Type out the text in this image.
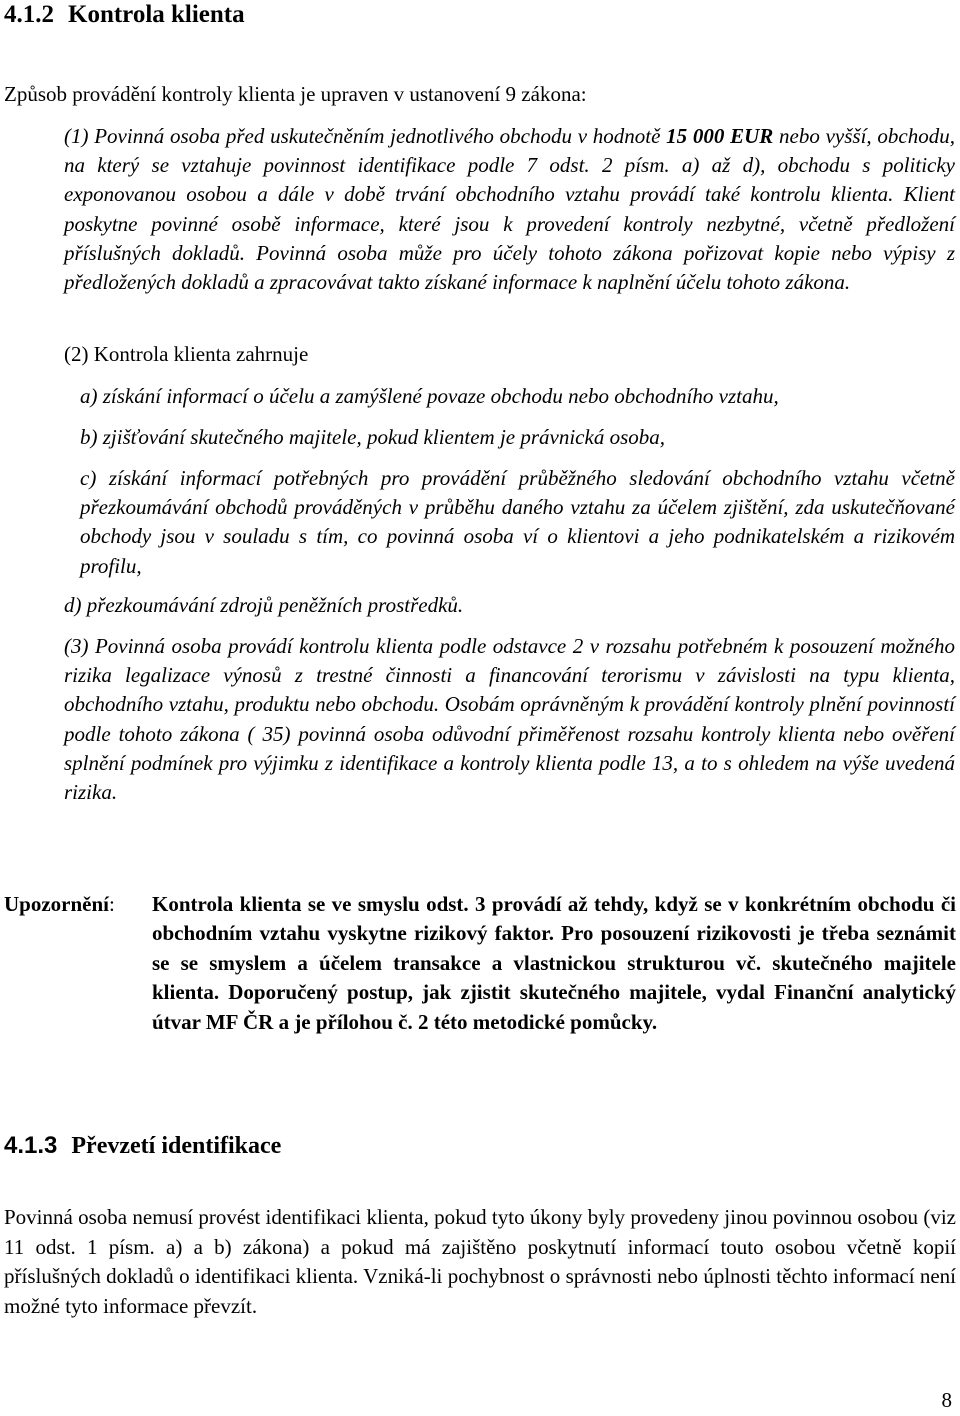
4.1.2 Kontrola klienta

Způsob provádění kontroly klienta je upraven v ustanovení 9 zákona:

(1) Povinná osoba před uskutečněním jednotlivého obchodu v hodnotě 15 000 EUR nebo vyšší, obchodu, na který se vztahuje povinnost identifikace podle 7 odst. 2 písm. a) až d), obchodu s politicky exponovanou osobou a dále v době trvání obchodního vztahu provádí také kontrolu klienta. Klient poskytne povinné osobě informace, které jsou k provedení kontroly nezbytné, včetně předložení příslušných dokladů. Povinná osoba může pro účely tohoto zákona pořizovat kopie nebo výpisy z předložených dokladů a zpracovávat takto získané informace k naplnění účelu tohoto zákona.

(2) Kontrola klienta zahrnuje

a) získání informací o účelu a zamýšlené povaze obchodu nebo obchodního vztahu,

b) zjišťování skutečného majitele, pokud klientem je právnická osoba,

c) získání informací potřebných pro provádění průběžného sledování obchodního vztahu včetně přezkoumávání obchodů prováděných v průběhu daného vztahu za účelem zjištění, zda uskutečňované obchody jsou v souladu s tím, co povinná osoba ví o klientovi a jeho podnikatelském a rizikovém profilu,

d) přezkoumávání zdrojů peněžních prostředků.

(3) Povinná osoba provádí kontrolu klienta podle odstavce 2 v rozsahu potřebném k posouzení možného rizika legalizace výnosů z trestné činnosti a financování terorismu v závislosti na typu klienta, obchodního vztahu, produktu nebo obchodu. Osobám oprávněným k provádění kontroly plnění povinností podle tohoto zákona ( 35) povinná osoba odůvodní přiměřenost rozsahu kontroly klienta nebo ověření splnění podmínek pro výjimku z identifikace a kontroly klienta podle 13, a to s ohledem na výše uvedená rizika.

Upozornění: Kontrola klienta se ve smyslu odst. 3 provádí až tehdy, když se v konkrétním obchodu či obchodním vztahu vyskytne rizikový faktor. Pro posouzení rizikovosti je třeba seznámit se se smyslem a účelem transakce a vlastnickou strukturou vč. skutečného majitele klienta. Doporučený postup, jak zjistit skutečného majitele, vydal Finanční analytický útvar MF ČR a je přílohou č. 2 této metodické pomůcky.
4.1.3 Převzetí identifikace

Povinná osoba nemusí provést identifikaci klienta, pokud tyto úkony byly provedeny jinou povinnou osobou (viz 11 odst. 1 písm. a) a b) zákona) a pokud má zajištěno poskytnutí informací touto osobou včetně kopií příslušných dokladů o identifikaci klienta. Vzniká-li pochybnost o správnosti nebo úplnosti těchto informací není možné tyto informace převzít.

8
